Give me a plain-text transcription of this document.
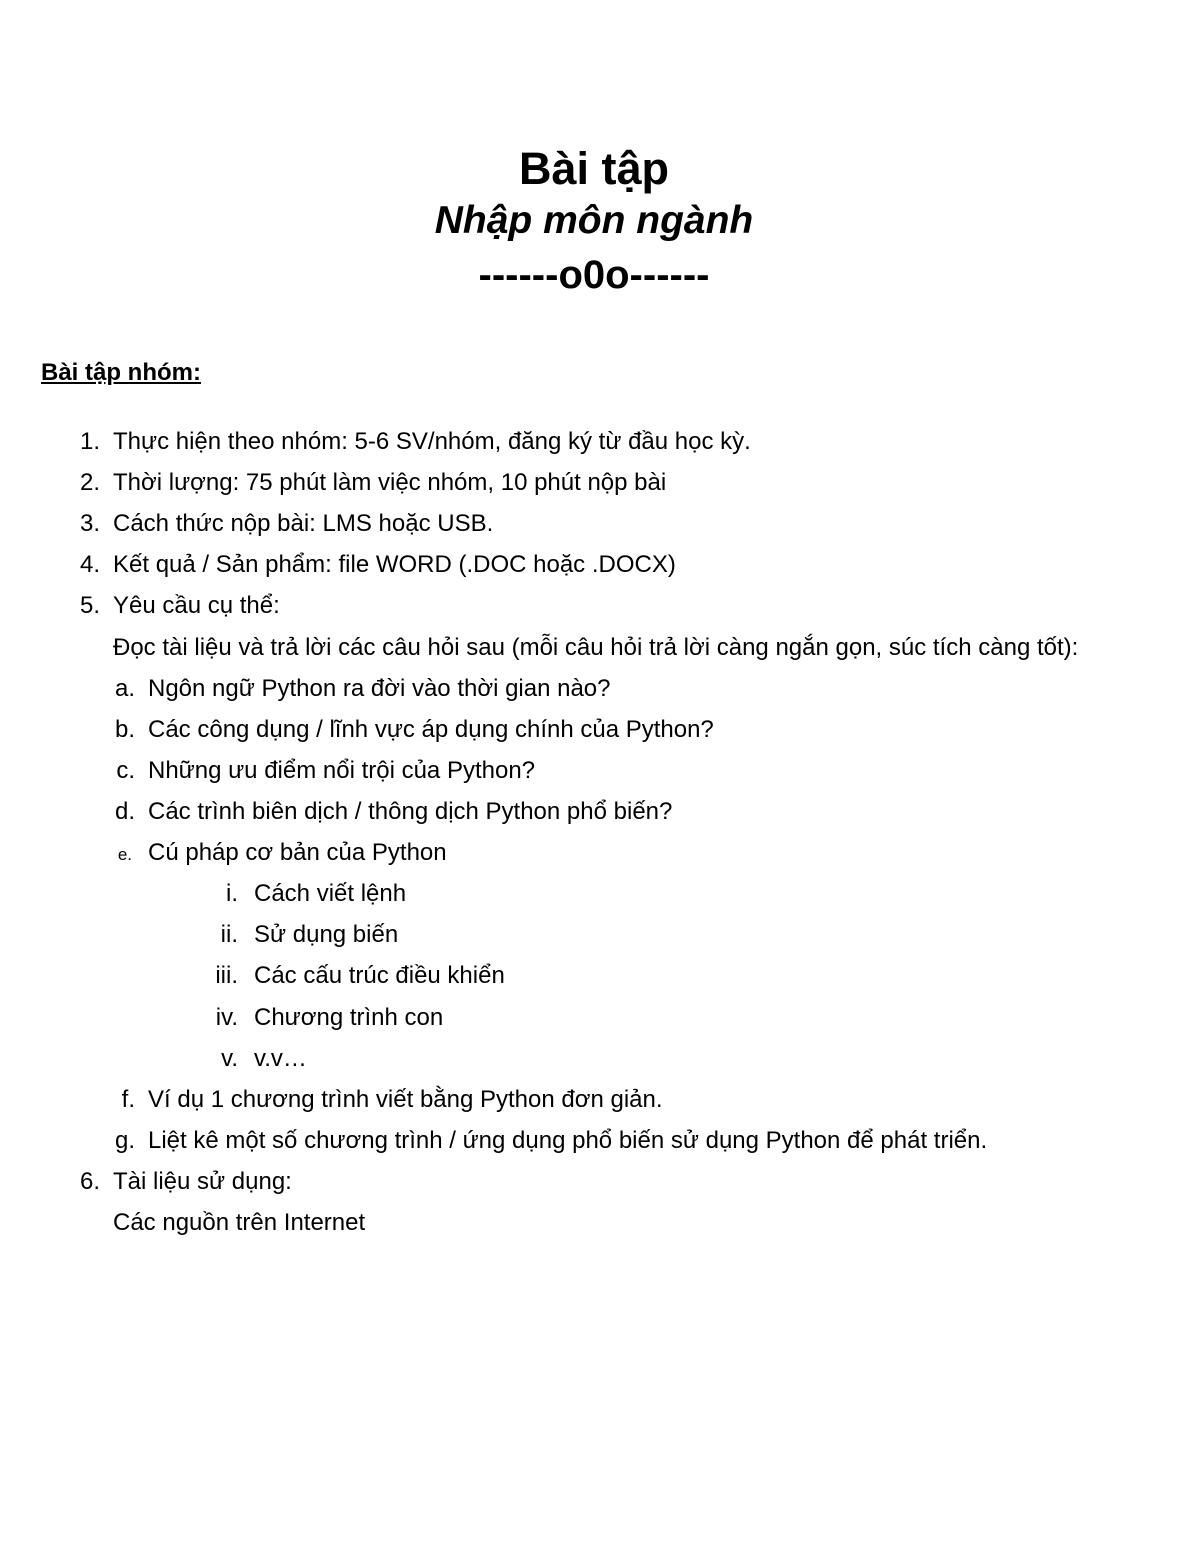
Bài tập
Nhập môn ngành
------o0o------
Bài tập nhóm:
1. Thực hiện theo nhóm: 5-6 SV/nhóm, đăng ký từ đầu học kỳ.
2. Thời lượng: 75 phút làm việc nhóm, 10 phút nộp bài
3. Cách thức nộp bài: LMS hoặc USB.
4. Kết quả / Sản phẩm: file WORD (.DOC hoặc .DOCX)
5. Yêu cầu cụ thể:
Đọc tài liệu và trả lời các câu hỏi sau (mỗi câu hỏi trả lời càng ngắn gọn, súc tích càng tốt):
a. Ngôn ngữ Python ra đời vào thời gian nào?
b. Các công dụng / lĩnh vực áp dụng chính của Python?
c. Những ưu điểm nổi trội của Python?
d. Các trình biên dịch / thông dịch Python phổ biến?
e. Cú pháp cơ bản của Python
i. Cách viết lệnh
ii. Sử dụng biến
iii. Các cấu trúc điều khiển
iv. Chương trình con
v. v.v…
f. Ví dụ 1 chương trình viết bằng Python đơn giản.
g. Liệt kê một số chương trình / ứng dụng phổ biến sử dụng Python để phát triển.
6. Tài liệu sử dụng:
Các nguồn trên Internet
